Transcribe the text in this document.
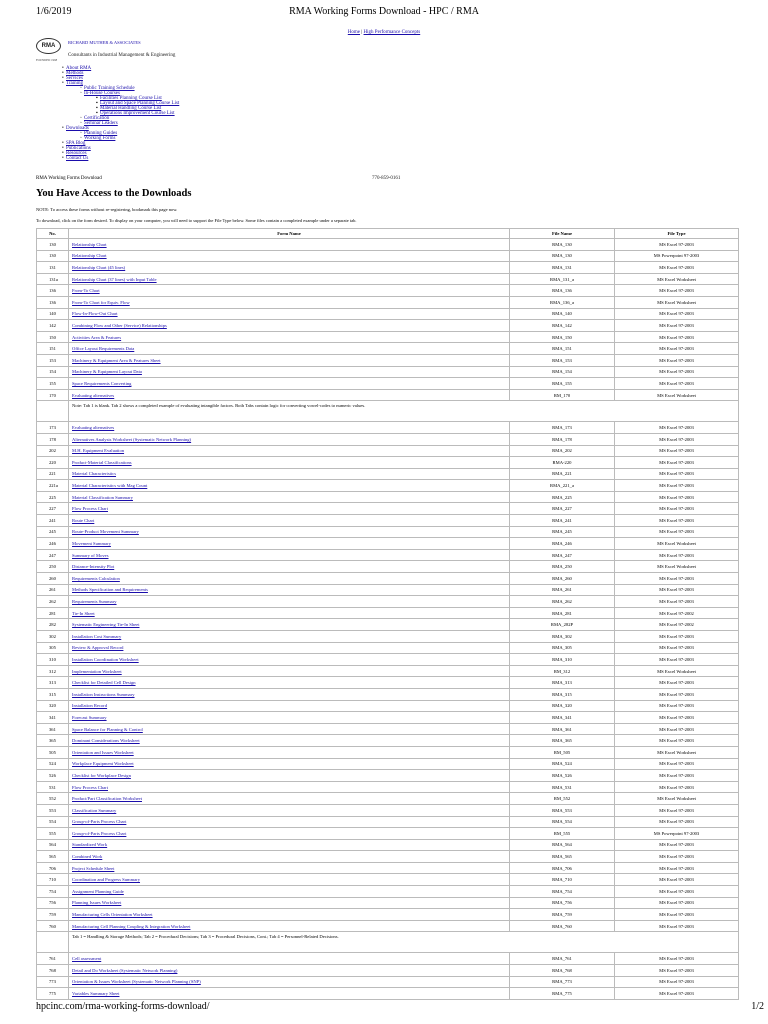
1/6/2019	RMA Working Forms Download - HPC / RMA
Home | High Performance Concepts
RMA
FOUNDED 1968
RICHARD MUTHER & ASSOCIATES
Consultants in Industrial Management & Engineering
• About RMA
• Methods
• Services
• Training
◦ Public Training Schedule
◦ In-House Courses
▪ Facilities Planning Course List
▪ Layout and Space Planning Course List
▪ Material Handling Course List
▪ Operations Improvement Course List
◦ Certification
◦ Seminar Leaders
• Downloads
◦ Planning Guides
◦ Working Forms
• SPA Blog
• Publications
• Resources
• Contact Us
RMA Working Forms Download	770-859-0161
You Have Access to the Downloads

NOTE: To access these forms without re-registering, bookmark this page now.

To download, click on the form desired. To display on your computer, you will need to support the File Type below. Some files contain a completed example under a separate tab.

No.	Form Name	File Name	File Type
130	Relationship Chart	RMA_130	MS Excel 97-2003
130	Relationship Chart	RMA_130	MS Powerpoint 97-2003
131	Relationship Chart (45 lines)	RMA_131	MS Excel 97-2003
131a	Relationship Chart (37 lines) with Input Table	RMA_131_a	MS Excel Worksheet
136	From-To Chart	RMA_136	MS Excel 97-2003
136	From-To Chart for Equiv. Flow	RMA_136_a	MS Excel Worksheet
140	Flow-In-Flow-Out Chart	RMA_140	MS Excel 97-2003
142	Combining Flow and Other (Service) Relationships	RMA_142	MS Excel 97-2003
150	Activities Area & Features	RMA_150	MS Excel 97-2003
151	Office Layout Requirements Data	RMA_151	MS Excel 97-2003
153	Machinery & Equipment Area & Features Sheet	RMA_153	MS Excel 97-2003
154	Machinery & Equipment Layout Data	RMA_154	MS Excel 97-2003
155	Space Requirements Converting	RMA_155	MS Excel 97-2003
170	Evaluating alternatives	RM_170	MS Excel Worksheet
	Note: Tab 1 is blank. Tab 2 shows a completed example of evaluating intangible factors. Both Tabs contain logic for converting vowel-codes to numeric values.		
173	Evaluating alternatives	RMA_173	MS Excel 97-2003
178	Alternatives Analysis Worksheet (Systematic Network Planning)	RMA_178	MS Excel 97-2003
202	M.H. Equipment Evaluation	RMA_202	MS Excel 97-2003
220	Product-Material Classifications	RMA-220	MS Excel 97-2003
221	Material Characteristics	RMA_221	MS Excel 97-2003
221a	Material Characteristics with Mag Count	RMA_221_a	MS Excel 97-2003
225	Material Classification Summary	RMA_225	MS Excel 97-2003
227	Flow Process Chart	RMA_227	MS Excel 97-2003
241	Route Chart	RMA_241	MS Excel 97-2003
245	Route-Product Movement Summary	RMA_245	MS Excel 97-2003
246	Movement Summary	RMA_246	MS Excel Worksheet
247	Summary of Moves	RMA_247	MS Excel 97-2003
250	Distance-Intensity Plot	RMA_250	MS Excel Worksheet
260	Requirements Calculation	RMA_260	MS Excel 97-2003
261	Methods Specification and Requirements	RMA_261	MS Excel 97-2003
262	Requirements Summary	RMA_262	MS Excel 97-2003
281	Tie-In Sheet	RMA_281	MS Excel 97-2002
282	Systematic Engineering Tie-In Sheet	RMA_282P	MS Excel 97-2002
302	Installation Cost Summary	RMA_302	MS Excel 97-2003
305	Review & Approval Record	RMA_305	MS Excel 97-2003
310	Installation Coordination Worksheet	RMA_310	MS Excel 97-2003
312	Implementation Worksheet	RM_312	MS Excel Worksheet
313	Checklist for Detailed Cell Design	RMA_313	MS Excel 97-2003
315	Installation Instructions Summary	RMA_315	MS Excel 97-2003
320	Installation Record	RMA_320	MS Excel 97-2003
341	Forecast Summary	RMA_341	MS Excel 97-2003
361	Space Balance for Planning & Control	RMA_361	MS Excel 97-2003
365	Dominant Considerations Worksheet	RMA_365	MS Excel 97-2003
505	Orientation and Issues Worksheet	RM_505	MS Excel Worksheet
524	Workplace Equipment Worksheet	RMA_524	MS Excel 97-2003
526	Checklist for Workplace Design	RMA_526	MS Excel 97-2003
531	Flow Process Chart	RMA_531	MS Excel 97-2003
552	Product/Part Classification Worksheet	RM_552	MS Excel Worksheet
553	Classification Summary	RMA_553	MS Excel 97-2003
554	Group-of-Parts Process Chart	RMA_554	MS Excel 97-2003
555	Group-of-Parts Process Chart	RM_555	MS Powerpoint 97-2003
564	Standardized Work	RMA_564	MS Excel 97-2003
565	Combined Work	RMA_565	MS Excel 97-2003
706	Project Schedule Sheet	RMA_706	MS Excel 97-2003
710	Coordination and Progress Summary	RMA_710	MS Excel 97-2003
754	Assignment Planning Guide	RMA_754	MS Excel 97-2003
756	Planning Issues Worksheet	RMA_756	MS Excel 97-2003
759	Manufacturing Cells Orientation Worksheet	RMA_759	MS Excel 97-2003
760	Manufacturing Cell Planning Coupling & Integration Worksheet	RMA_760	MS Excel 97-2003
	Tab 1 = Handling & Storage Methods; Tab 2 = Procedural Decisions; Tab 3 = Procedural Decisions, Cont.; Tab 4 = Personnel-Related Decisions.		
761	Cell assessment	RMA_761	MS Excel 97-2003
768	Detail and Do Worksheet (Systematic Network Planning)	RMA_768	MS Excel 97-2003
773	Orientation & Issues Worksheet (Systematic Network Planning (SNP)	RMA_773	MS Excel 97-2003
775	Variables Summary Sheet	RMA_775	MS Excel 97-2003
hpcinc.com/rma-working-forms-download/	1/2
